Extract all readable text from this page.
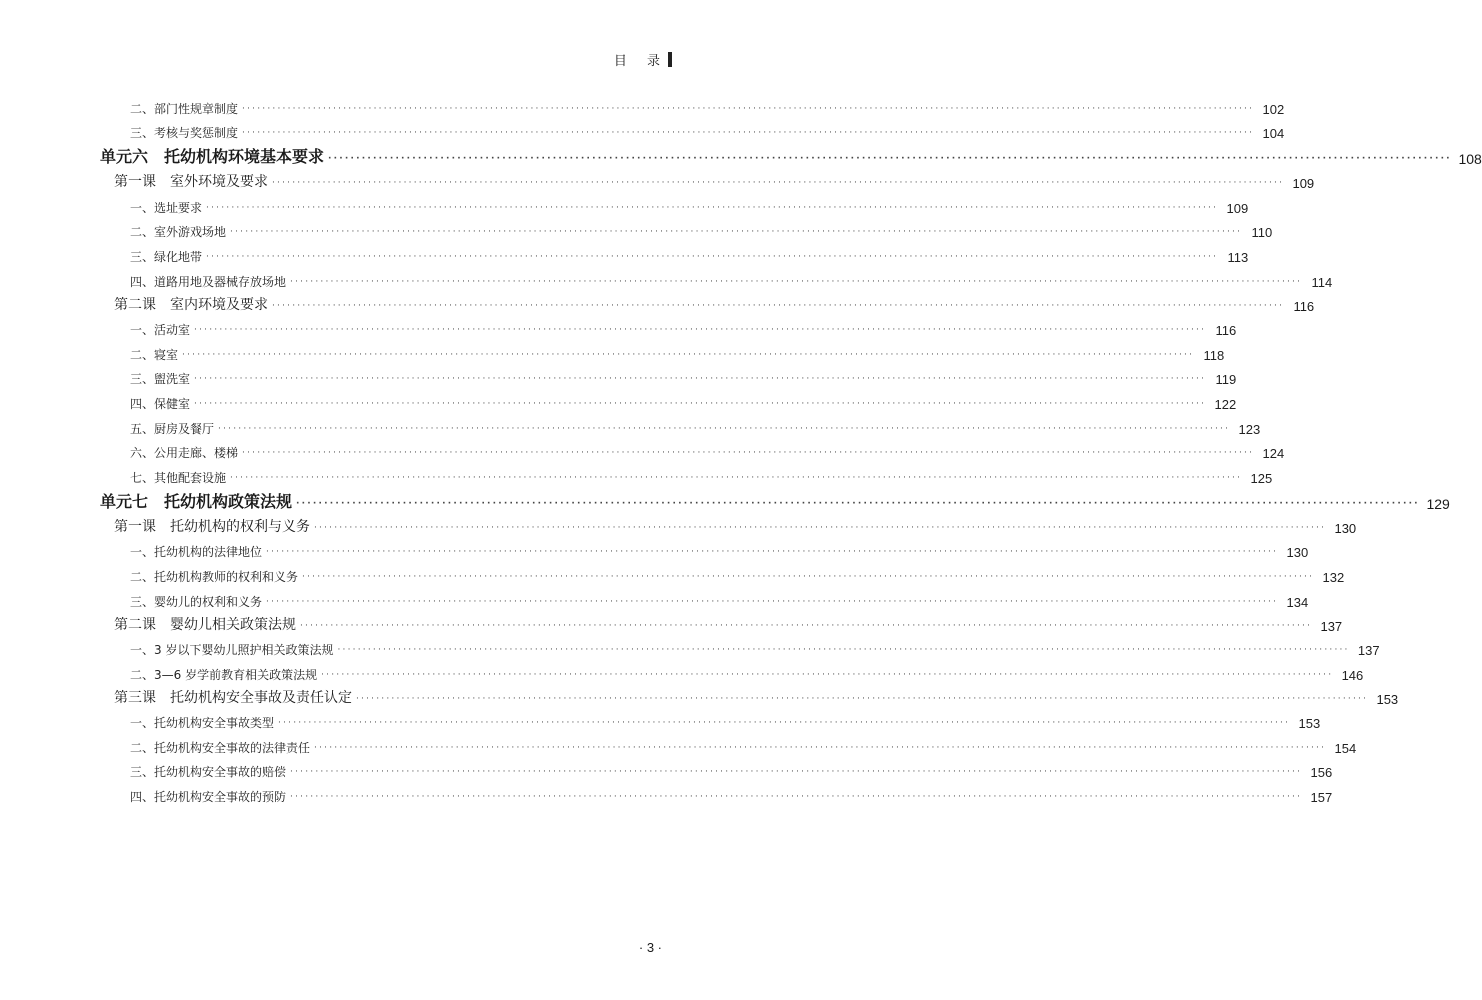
目 录
二、部门性规章制度 ········································································································································································································ 102
三、考核与奖惩制度 ········································································································································································································ 104
单元六　托幼机构环境基本要求 ········································································································································································································ 108
第一课　室外环境及要求 ········································································································································································································ 109
一、选址要求 ········································································································································································································ 109
二、室外游戏场地 ········································································································································································································ 110
三、绿化地带 ········································································································································································································ 113
四、道路用地及器械存放场地 ········································································································································································································ 114
第二课　室内环境及要求 ········································································································································································································ 116
一、活动室 ········································································································································································································ 116
二、寝室 ········································································································································································································ 118
三、盥洗室 ········································································································································································································ 119
四、保健室 ········································································································································································································ 122
五、厨房及餐厅 ········································································································································································································ 123
六、公用走廊、楼梯 ········································································································································································································ 124
七、其他配套设施 ········································································································································································································ 125
单元七　托幼机构政策法规 ········································································································································································································ 129
第一课　托幼机构的权利与义务 ········································································································································································································ 130
一、托幼机构的法律地位 ········································································································································································································ 130
二、托幼机构教师的权利和义务 ········································································································································································································ 132
三、婴幼儿的权利和义务 ········································································································································································································ 134
第二课　婴幼儿相关政策法规 ········································································································································································································ 137
一、3 岁以下婴幼儿照护相关政策法规 ········································································································································································································ 137
二、3—6 岁学前教育相关政策法规 ········································································································································································································ 146
第三课　托幼机构安全事故及责任认定 ········································································································································································································ 153
一、托幼机构安全事故类型 ········································································································································································································ 153
二、托幼机构安全事故的法律责任 ········································································································································································································ 154
三、托幼机构安全事故的赔偿 ········································································································································································································ 156
四、托幼机构安全事故的预防 ········································································································································································································ 157
· 3 ·
